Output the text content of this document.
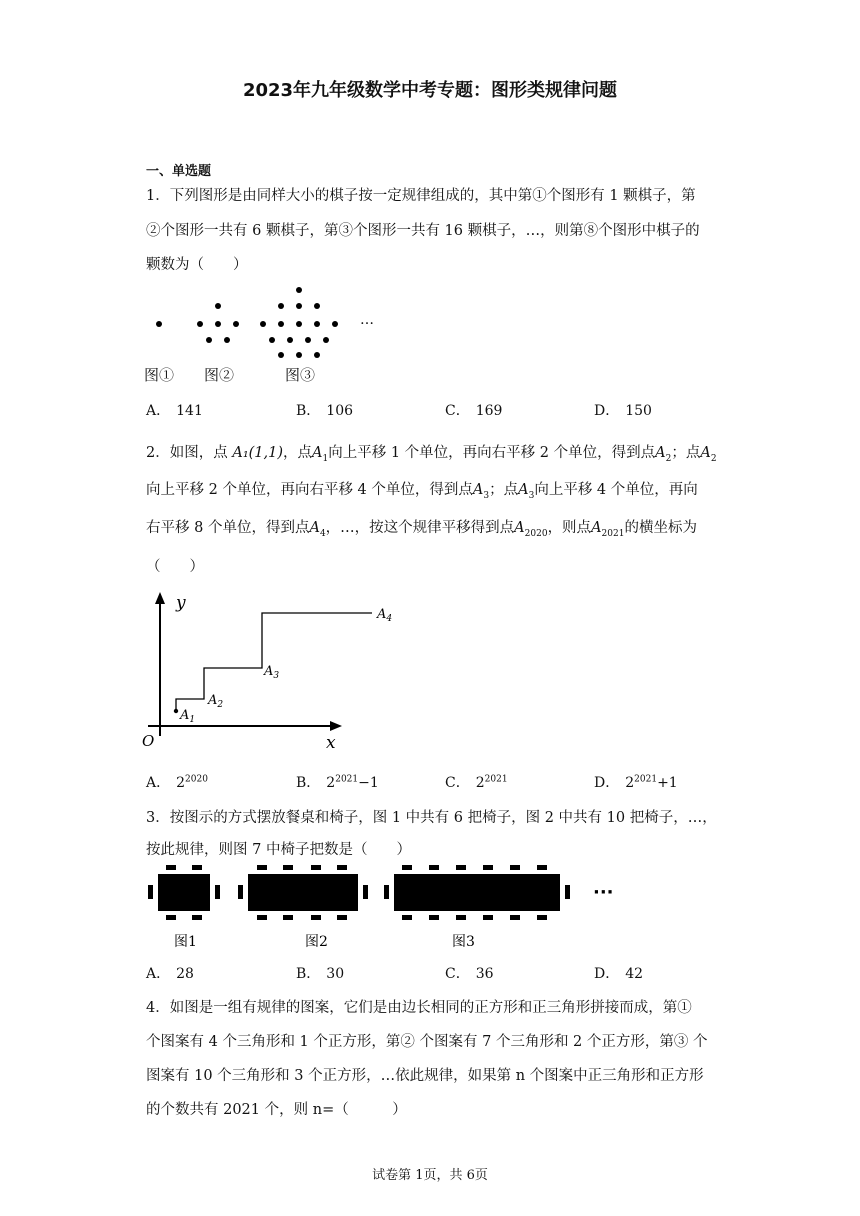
2023年九年级数学中考专题：图形类规律问题
一、单选题
1．下列图形是由同样大小的棋子按一定规律组成的，其中第①个图形有 1 颗棋子，第
②个图形一共有 6 颗棋子，第③个图形一共有 16 颗棋子，…，则第⑧个图形中棋子的
颗数为（　　）
…
图① 图②	图③
A． 141	B． 106	C． 169	D． 150
2．如图，点 A₁(1,1)，点$A_1$向上平移 1 个单位，再向右平移 2 个单位，得到点$A_2$；点$A_2$
向上平移 2 个单位，再向右平移 4 个单位，得到点$A_3$；点$A_3$向上平移 4 个单位，再向
右平移 8 个单位，得到点$A_4$，…，按这个规律平移得到点$A_{2020}$，则点$A_{2021}$的横坐标为
（　　）
y
x
O
$A_1$
$A_2$
$A_3$
$A_4$
A． $2^{2020}$	B． $2^{2021}-1$	C． $2^{2021}$	D． $2^{2021}+1$
3．按图示的方式摆放餐桌和椅子，图 1 中共有 6 把椅子，图 2 中共有 10 把椅子，…，
按此规律，则图 7 中椅子把数是（　　）
···
图1	图2	图3
A． 28	B． 30	C． 36	D． 42
4．如图是一组有规律的图案，它们是由边长相同的正方形和正三角形拼接而成，第①
个图案有 4 个三角形和 1 个正方形，第② 个图案有 7 个三角形和 2 个正方形，第③ 个
图案有 10 个三角形和 3 个正方形，…依此规律，如果第 n 个图案中正三角形和正方形
的个数共有 2021 个，则 n=（　　　）
试卷第 1页，共 6页
